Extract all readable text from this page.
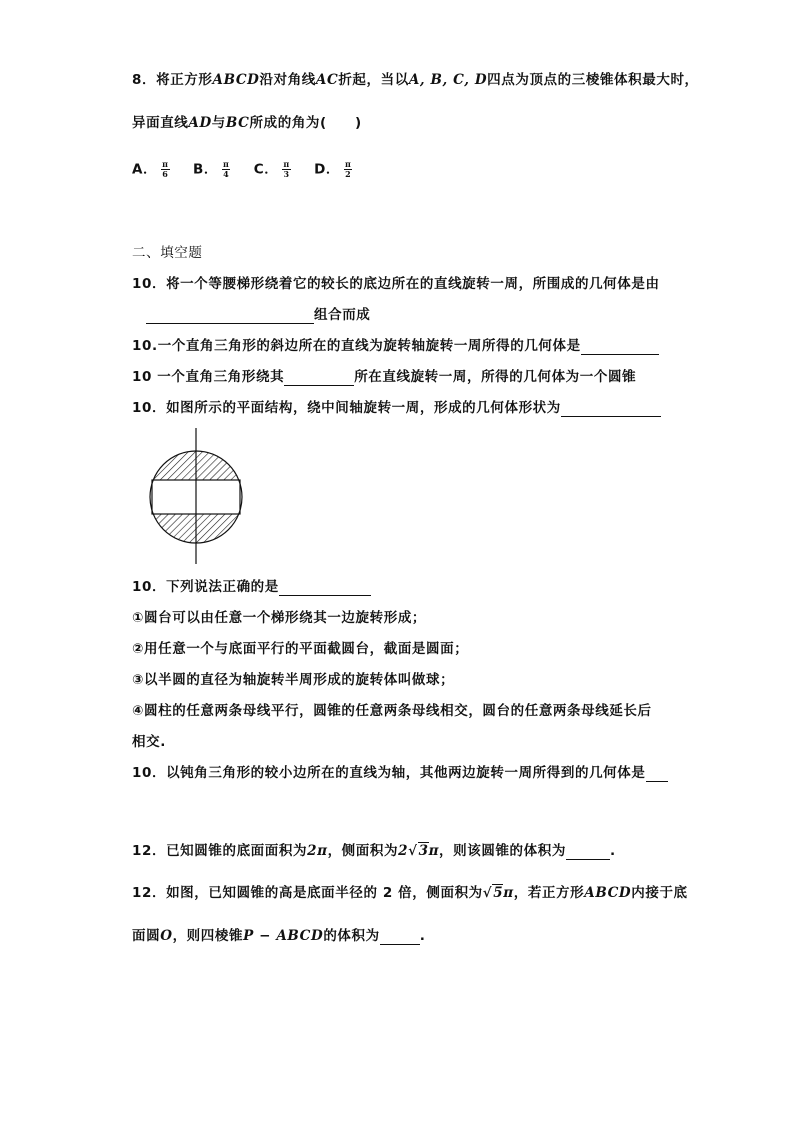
8．将正方形ABCD沿对角线AC折起，当以A, B, C, D四点为顶点的三棱锥体积最大时，
异面直线AD与BC所成的角为(　　)
A． $\frac{\pi}{6}$ B． $\frac{\pi}{4}$ C． $\frac{\pi}{3}$ D． $\frac{\pi}{2}$
二、填空题
10．将一个等腰梯形绕着它的较长的底边所在的直线旋转一周，所围成的几何体是由
组合而成
10.一个直角三角形的斜边所在的直线为旋转轴旋转一周所得的几何体是
10 一个直角三角形绕其	所在直线旋转一周，所得的几何体为一个圆锥
10．如图所示的平面结构，绕中间轴旋转一周，形成的几何体形状为
10．下列说法正确的是
①圆台可以由任意一个梯形绕其一边旋转形成；
②用任意一个与底面平行的平面截圆台，截面是圆面；
③以半圆的直径为轴旋转半周形成的旋转体叫做球；
④圆柱的任意两条母线平行，圆锥的任意两条母线相交，圆台的任意两条母线延长后
相交.
10．以钝角三角形的较小边所在的直线为轴，其他两边旋转一周所得到的几何体是
12．已知圆锥的底面面积为2π，侧面积为2√3π，则该圆锥的体积为	.
12．如图，已知圆锥的高是底面半径的 2 倍，侧面积为√5π，若正方形ABCD内接于底
面圆O，则四棱锥P − ABCD的体积为	.
